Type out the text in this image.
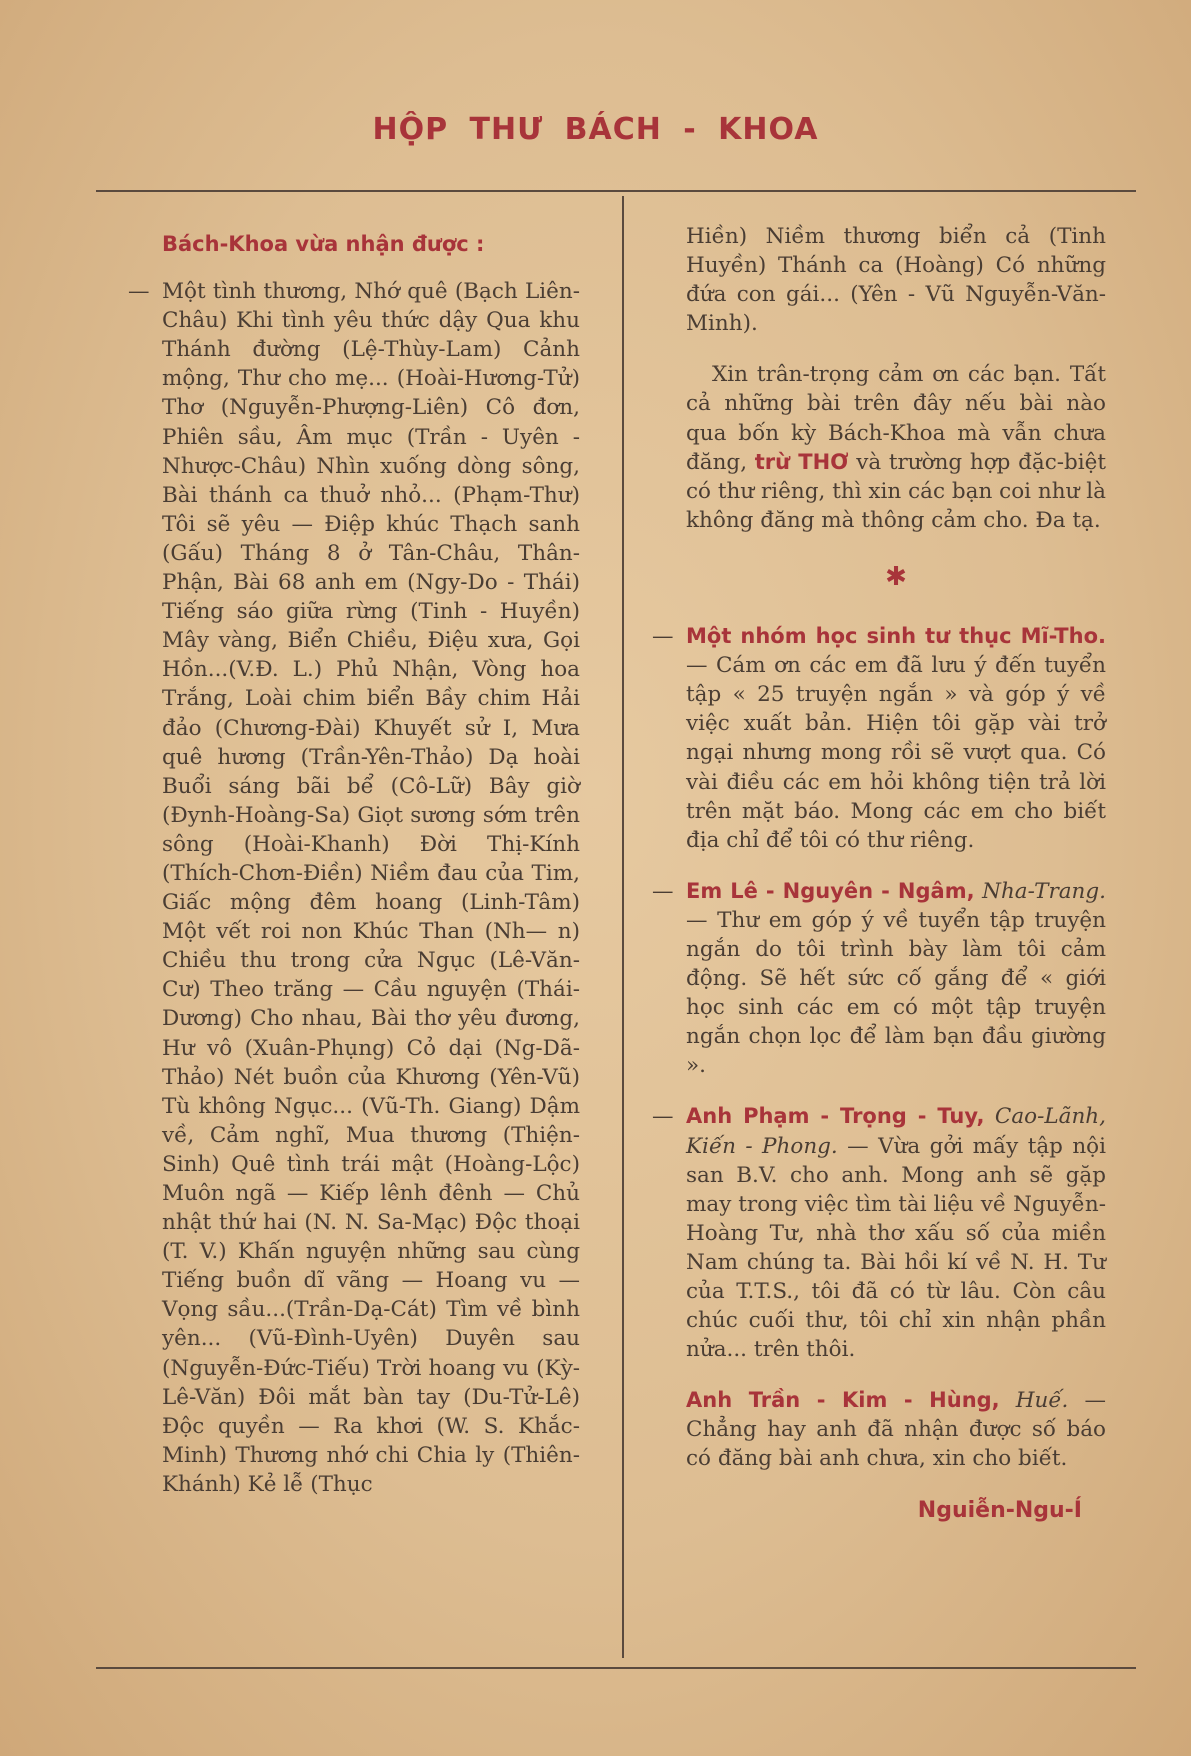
HỘP THƯ BÁCH - KHOA
Bách-Khoa vừa nhận được :
— Một tình thương, Nhớ quê (Bạch Liên-Châu) Khi tình yêu thức dậy Qua khu Thánh đường (Lệ-Thùy-Lam) Cảnh mộng, Thư cho mẹ... (Hoài-Hương-Tử) Thơ (Nguyễn-Phượng-Liên) Cô đơn, Phiên sầu, Âm mục (Trần - Uyên - Nhược-Châu) Nhìn xuống dòng sông, Bài thánh ca thuở nhỏ... (Phạm-Thư) Tôi sẽ yêu — Điệp khúc Thạch sanh (Gấu) Tháng 8 ở Tân-Châu, Thân-Phận, Bài 68 anh em (Ngy-Do - Thái) Tiếng sáo giữa rừng (Tinh - Huyền) Mây vàng, Biển Chiều, Điệu xưa, Gọi Hồn...(V.Đ. L.) Phủ Nhận, Vòng hoa Trắng, Loài chim biển Bầy chim Hải đảo (Chương-Đài) Khuyết sử I, Mưa quê hương (Trần-Yên-Thảo) Dạ hoài Buổi sáng bãi bể (Cô-Lữ) Bây giờ (Đynh-Hoàng-Sa) Giọt sương sớm trên sông (Hoài-Khanh) Đời Thị-Kính (Thích-Chơn-Điền) Niềm đau của Tim, Giấc mộng đêm hoang (Linh-Tâm) Một vết roi non Khúc Than (Nh— n) Chiều thu trong cửa Ngục (Lê-Văn-Cư) Theo trăng — Cầu nguyện (Thái-Dương) Cho nhau, Bài thơ yêu đương, Hư vô (Xuân-Phụng) Cỏ dại (Ng-Dã-Thảo) Nét buồn của Khương (Yên-Vũ) Tù không Ngục... (Vũ-Th. Giang) Dậm về, Cảm nghĩ, Mua thương (Thiện-Sinh) Quê tình trái mật (Hoàng-Lộc) Muôn ngã — Kiếp lênh đênh — Chủ nhật thứ hai (N. N. Sa-Mạc) Độc thoại (T. V.) Khấn nguyện những sau cùng Tiếng buồn dĩ vãng — Hoang vu —Vọng sầu...(Trần-Dạ-Cát) Tìm về bình yên... (Vũ-Đình-Uyên) Duyên sau (Nguyễn-Đức-Tiếu) Trời hoang vu (Kỳ-Lê-Văn) Đôi mắt bàn tay (Du-Tử-Lê) Độc quyền — Ra khơi (W. S. Khắc-Minh) Thương nhớ chi Chia ly (Thiên-Khánh) Kẻ lễ (Thục
Hiền) Niềm thương biển cả (Tinh Huyền) Thánh ca (Hoàng) Có những đứa con gái... (Yên - Vũ Nguyễn-Văn-Minh).
Xin trân-trọng cảm ơn các bạn. Tất cả những bài trên đây nếu bài nào qua bốn kỳ Bách-Khoa mà vẫn chưa đăng, trừ THƠ và trường hợp đặc-biệt có thư riêng, thì xin các bạn coi như là không đăng mà thông cảm cho. Đa tạ.
✱
— Một nhóm học sinh tư thục Mĩ-Tho. — Cám ơn các em đã lưu ý đến tuyển tập « 25 truyện ngắn » và góp ý về việc xuất bản. Hiện tôi gặp vài trở ngại nhưng mong rồi sẽ vượt qua. Có vài điều các em hỏi không tiện trả lời trên mặt báo. Mong các em cho biết địa chỉ để tôi có thư riêng.
— Em Lê - Nguyên - Ngâm, Nha-Trang. — Thư em góp ý về tuyển tập truyện ngắn do tôi trình bày làm tôi cảm động. Sẽ hết sức cố gắng để « giới học sinh các em có một tập truyện ngắn chọn lọc để làm bạn đầu giường ».
— Anh Phạm - Trọng - Tuy, Cao-Lãnh, Kiến - Phong. — Vừa gởi mấy tập nội san B.V. cho anh. Mong anh sẽ gặp may trong việc tìm tài liệu về Nguyễn-Hoàng Tư, nhà thơ xấu số của miền Nam chúng ta. Bài hồi kí về N. H. Tư của T.T.S., tôi đã có từ lâu. Còn câu chúc cuối thư, tôi chỉ xin nhận phần nửa... trên thôi.
Anh Trần - Kim - Hùng, Huế. — Chẳng hay anh đã nhận được số báo có đăng bài anh chưa, xin cho biết.
Nguiễn-Ngu-Í
